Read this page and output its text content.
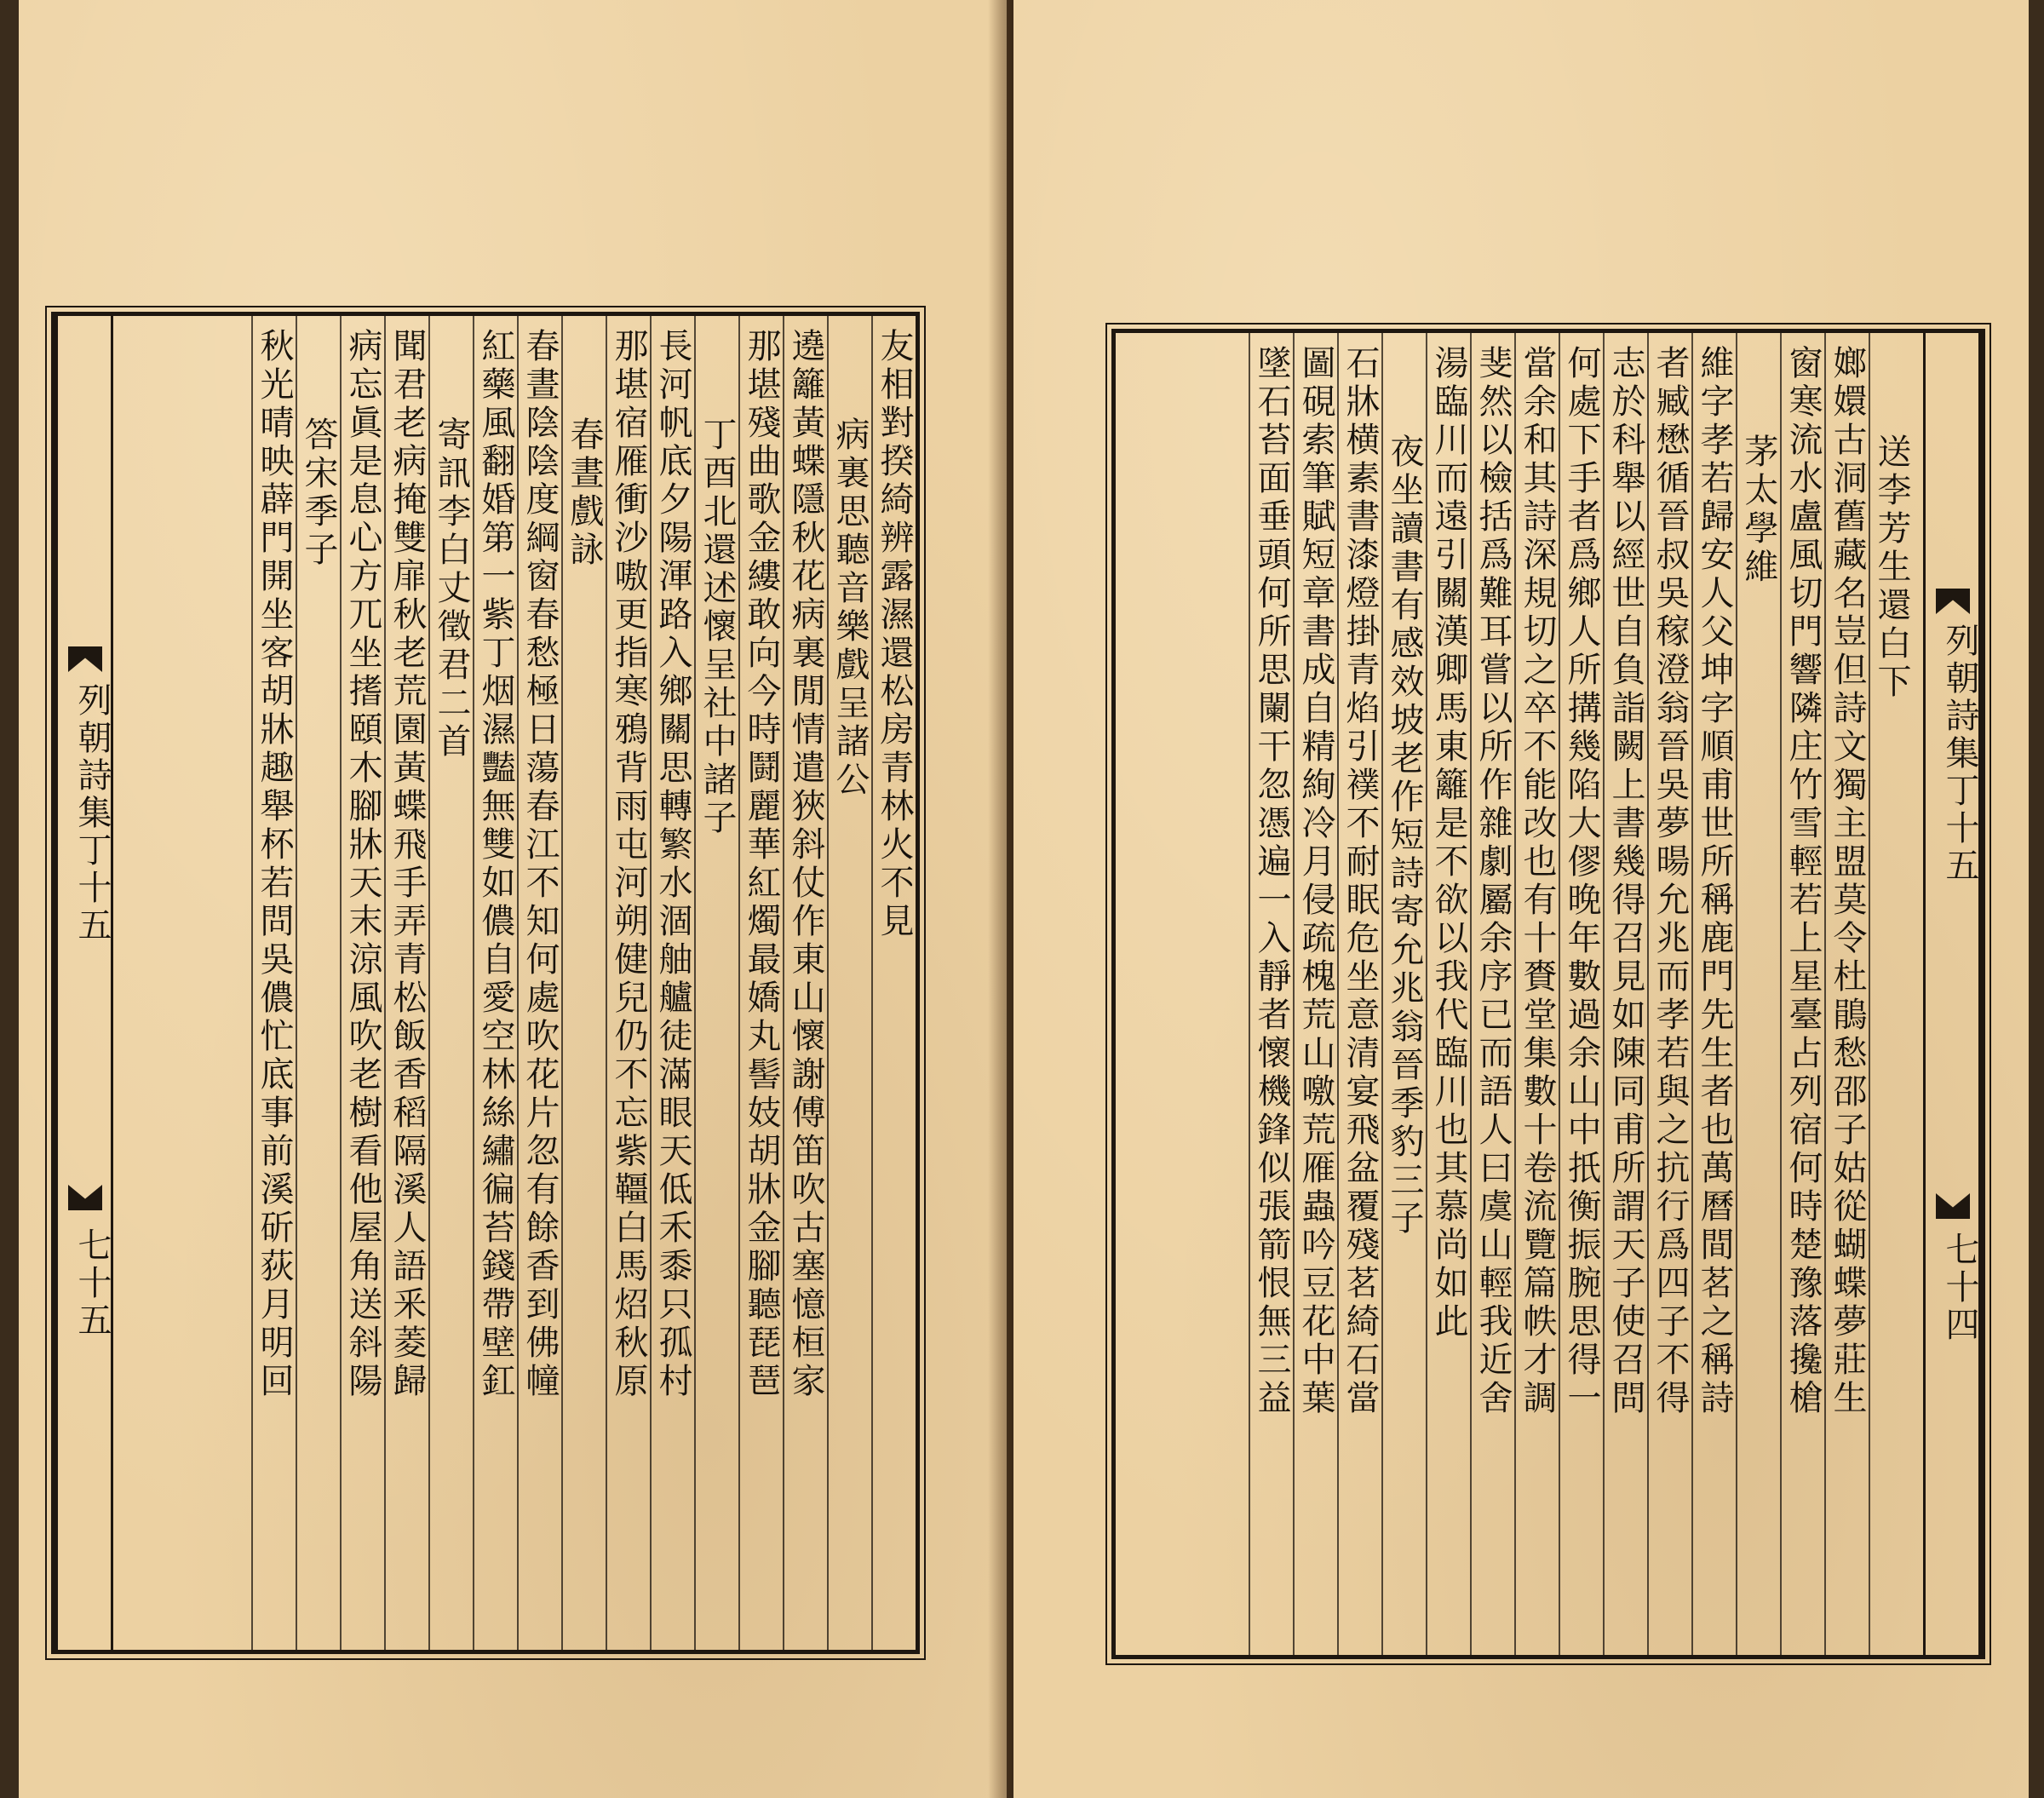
友相對揆綺辨露濕還松房青林火不見
病裏思聽音樂戲呈諸公
遶籬黃蝶隱秋花病裏閒情遣狹斜仗作東山懷謝傅笛吹古塞憶桓家
那堪殘曲歌金縷敢向今時鬪麗華紅燭最嬌丸髻妓胡牀金腳聽琵琶
丁酉北還述懷呈社中諸子
長河帆底夕陽渾路入鄉關思轉繁水涸舳艫徒滿眼天低禾黍只孤村
那堪宿雁衝沙嗷更指寒鴉背雨屯河朔健兒仍不忘紫韁白馬炤秋原
春晝戲詠
春晝陰陰度綱窗春愁極日蕩春江不知何處吹花片忽有餘香到佛幢
紅藥風翻婚第一紫丁烟濕豔無雙如儂自愛空林絲繡徧苔錢帶壁釭
寄訊李白丈徵君二首
聞君老病掩雙扉秋老荒園黃蝶飛手弄青松飯香稻隔溪人語釆菱歸
病忘眞是息心方兀坐搘頤木腳牀天末涼風吹老樹看他屋角送斜陽
答宋季子
秋光晴映薜門開坐客胡牀趣舉杯若問吳儂忙底事前溪斫荻月明回
列朝詩集丁十五
七十五
送李芳生還白下
嫏嬛古洞舊藏名豈但詩文獨主盟莫令杜鵑愁邵子姑從蝴蝶夢莊生
窗寒流水盧風切門響隣庄竹雪輕若上星臺占列宿何時楚豫落攙槍
茅太學維
維字孝若歸安人父坤字順甫世所稱鹿門先生者也萬曆間茗之稱詩
者臧懋循晉叔吳稼澄翁晉吳夢暘允兆而孝若與之抗行爲四子不得
志於科舉以經世自負詣闕上書幾得召見如陳同甫所謂天子使召問
何處下手者爲鄉人所搆幾陷大僇晚年數過余山中扺衡振腕思得一
當余和其詩深規切之卒不能改也有十賚堂集數十卷流覽篇帙才調
斐然以檢括爲難耳嘗以所作雜劇屬余序已而語人曰虞山輕我近舍
湯臨川而遠引關漢卿馬東籬是不欲以我代臨川也其慕尚如此
夜坐讀書有感效坡老作短詩寄允兆翁晉季豹三子
石牀横素書漆燈掛青焰引襆不耐眠危坐意清宴飛盆覆殘茗綺石當
圖硯索筆賦短章書成自精絢冷月侵疏槐荒山噭荒雁蟲吟豆花中葉
墜石苔面垂頭何所思闌干忽憑遍一入靜者懷機鋒似張箭恨無三益	列朝詩集丁十五
七十四
